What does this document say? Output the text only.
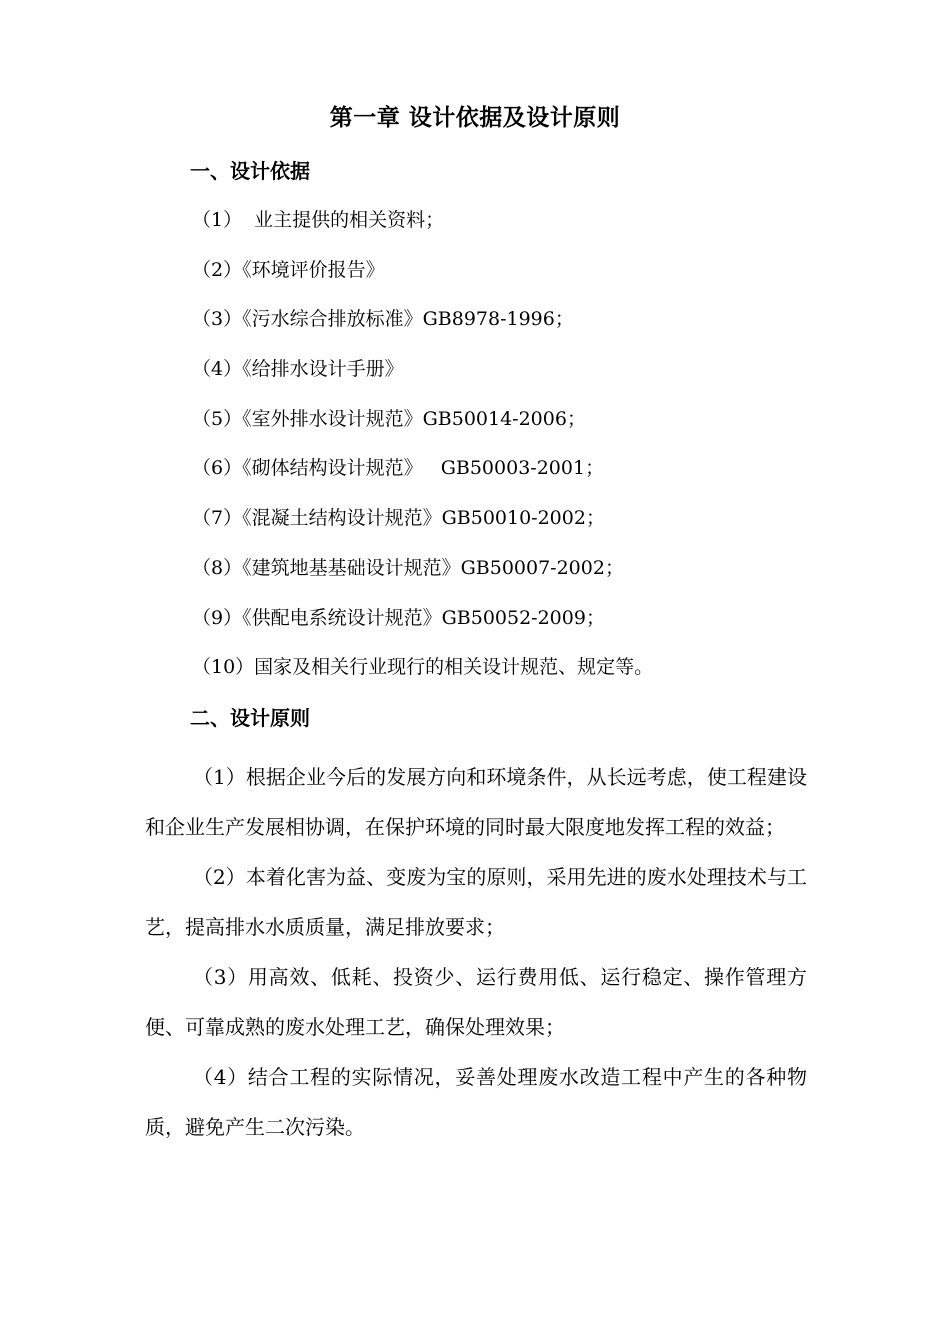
第一章 设计依据及设计原则
一、设计依据
（1）  业主提供的相关资料；
（2）《环境评价报告》
（3）《污水综合排放标准》GB8978-1996；
（4）《给排水设计手册》
（5）《室外排水设计规范》GB50014-2006；
（6）《砌体结构设计规范》   GB50003-2001；
（7）《混凝土结构设计规范》GB50010-2002；
（8）《建筑地基基础设计规范》GB50007-2002；
（9）《供配电系统设计规范》GB50052-2009；
（10）国家及相关行业现行的相关设计规范、规定等。
二、设计原则

（1）根据企业今后的发展方向和环境条件，从长远考虑，使工程建设和企业生产发展相协调，在保护环境的同时最大限度地发挥工程的效益；

（2）本着化害为益、变废为宝的原则，采用先进的废水处理技术与工艺，提高排水水质质量，满足排放要求；

（3）用高效、低耗、投资少、运行费用低、运行稳定、操作管理方便、可靠成熟的废水处理工艺，确保处理效果；

（4）结合工程的实际情况，妥善处理废水改造工程中产生的各种物质，避免产生二次污染。
